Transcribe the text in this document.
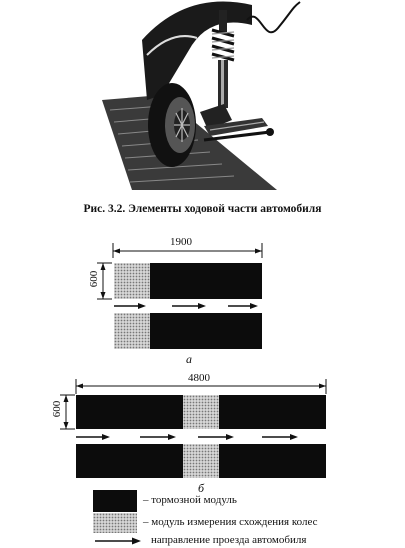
Рис. 3.2. Элементы ходовой части автомобиля
1900
600
а
4800
600
б
– тормозной модуль
– модуль измерения схождения колес
направление проезда автомобиля
